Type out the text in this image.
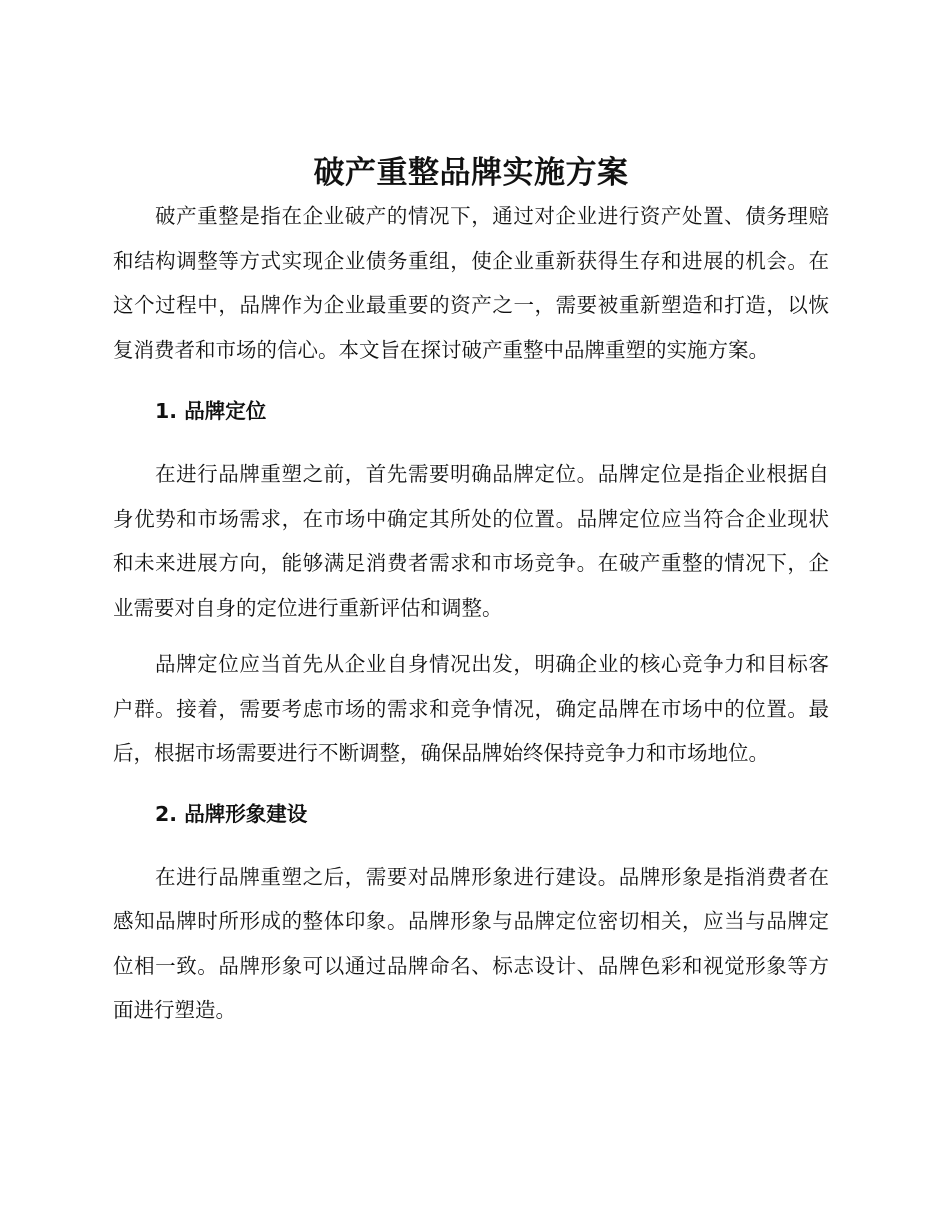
破产重整品牌实施方案

破产重整是指在企业破产的情况下，通过对企业进行资产处置、债务理赔和结构调整等方式实现企业债务重组，使企业重新获得生存和进展的机会。在这个过程中，品牌作为企业最重要的资产之一，需要被重新塑造和打造，以恢复消费者和市场的信心。本文旨在探讨破产重整中品牌重塑的实施方案。

1. 品牌定位

在进行品牌重塑之前，首先需要明确品牌定位。品牌定位是指企业根据自身优势和市场需求，在市场中确定其所处的位置。品牌定位应当符合企业现状和未来进展方向，能够满足消费者需求和市场竞争。在破产重整的情况下，企业需要对自身的定位进行重新评估和调整。

品牌定位应当首先从企业自身情况出发，明确企业的核心竞争力和目标客户群。接着，需要考虑市场的需求和竞争情况，确定品牌在市场中的位置。最后，根据市场需要进行不断调整，确保品牌始终保持竞争力和市场地位。

2. 品牌形象建设

在进行品牌重塑之后，需要对品牌形象进行建设。品牌形象是指消费者在感知品牌时所形成的整体印象。品牌形象与品牌定位密切相关，应当与品牌定位相一致。品牌形象可以通过品牌命名、标志设计、品牌色彩和视觉形象等方面进行塑造。
